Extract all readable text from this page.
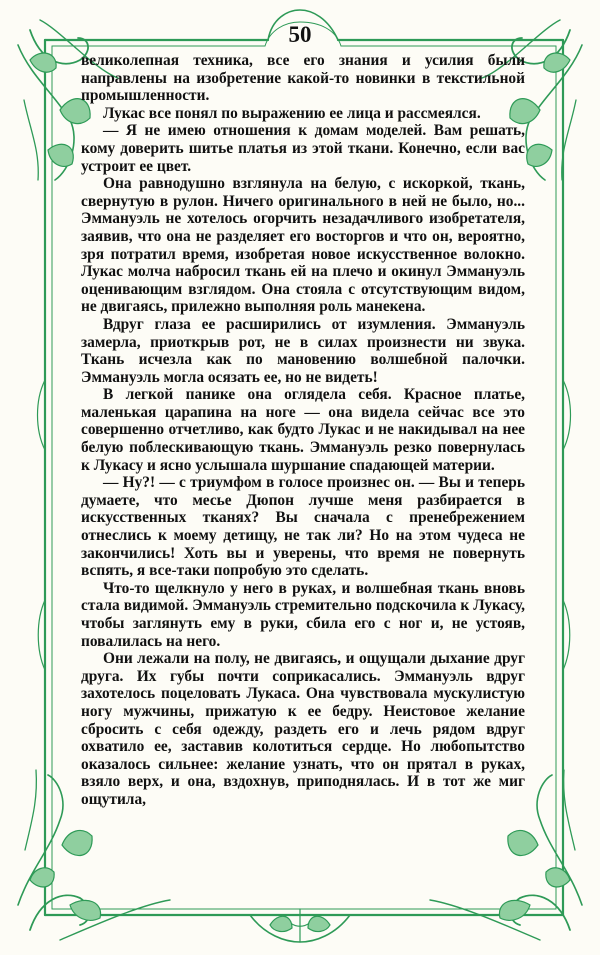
50

великолепная техника, все его знания и усилия были направлены на изобретение какой-то новинки в текстильной промышленности.

Лукас все понял по выражению ее лица и рассмеялся.

— Я не имею отношения к домам моделей. Вам решать, кому доверить шитье платья из этой ткани. Конечно, если вас устроит ее цвет.

Она равнодушно взглянула на белую, с искоркой, ткань, свернутую в рулон. Ничего оригинального в ней не было, но... Эммануэль не хотелось огорчить незадачливого изобретателя, заявив, что она не разделяет его восторгов и что он, вероятно, зря потратил время, изобретая новое искусственное волокно. Лукас молча набросил ткань ей на плечо и окинул Эммануэль оценивающим взглядом. Она стояла с отсутствующим видом, не двигаясь, прилежно выполняя роль манекена.

Вдруг глаза ее расширились от изумления. Эммануэль замерла, приоткрыв рот, не в силах произнести ни звука. Ткань исчезла как по мановению волшебной палочки. Эммануэль могла осязать ее, но не видеть!

В легкой панике она оглядела себя. Красное платье, маленькая царапина на ноге — она видела сейчас все это совершенно отчетливо, как будто Лукас и не накидывал на нее белую поблескивающую ткань. Эммануэль резко повернулась к Лукасу и ясно услышала шуршание спадающей материи.

— Ну?! — с триумфом в голосе произнес он. — Вы и теперь думаете, что месье Дюпон лучше меня разбирается в искусственных тканях? Вы сначала с пренебрежением отнеслись к моему детищу, не так ли? Но на этом чудеса не закончились! Хоть вы и уверены, что время не повернуть вспять, я все-таки попробую это сделать.

Что-то щелкнуло у него в руках, и волшебная ткань вновь стала видимой. Эммануэль стремительно подскочила к Лукасу, чтобы заглянуть ему в руки, сбила его с ног и, не устояв, повалилась на него.

Они лежали на полу, не двигаясь, и ощущали дыхание друг друга. Их губы почти соприкасались. Эммануэль вдруг захотелось поцеловать Лукаса. Она чувствовала мускулистую ногу мужчины, прижатую к ее бедру. Неистовое желание сбросить с себя одежду, раздеть его и лечь рядом вдруг охватило ее, заставив колотиться сердце. Но любопытство оказалось сильнее: желание узнать, что он прятал в руках, взяло верх, и она, вздохнув, приподнялась. И в тот же миг ощутила,
